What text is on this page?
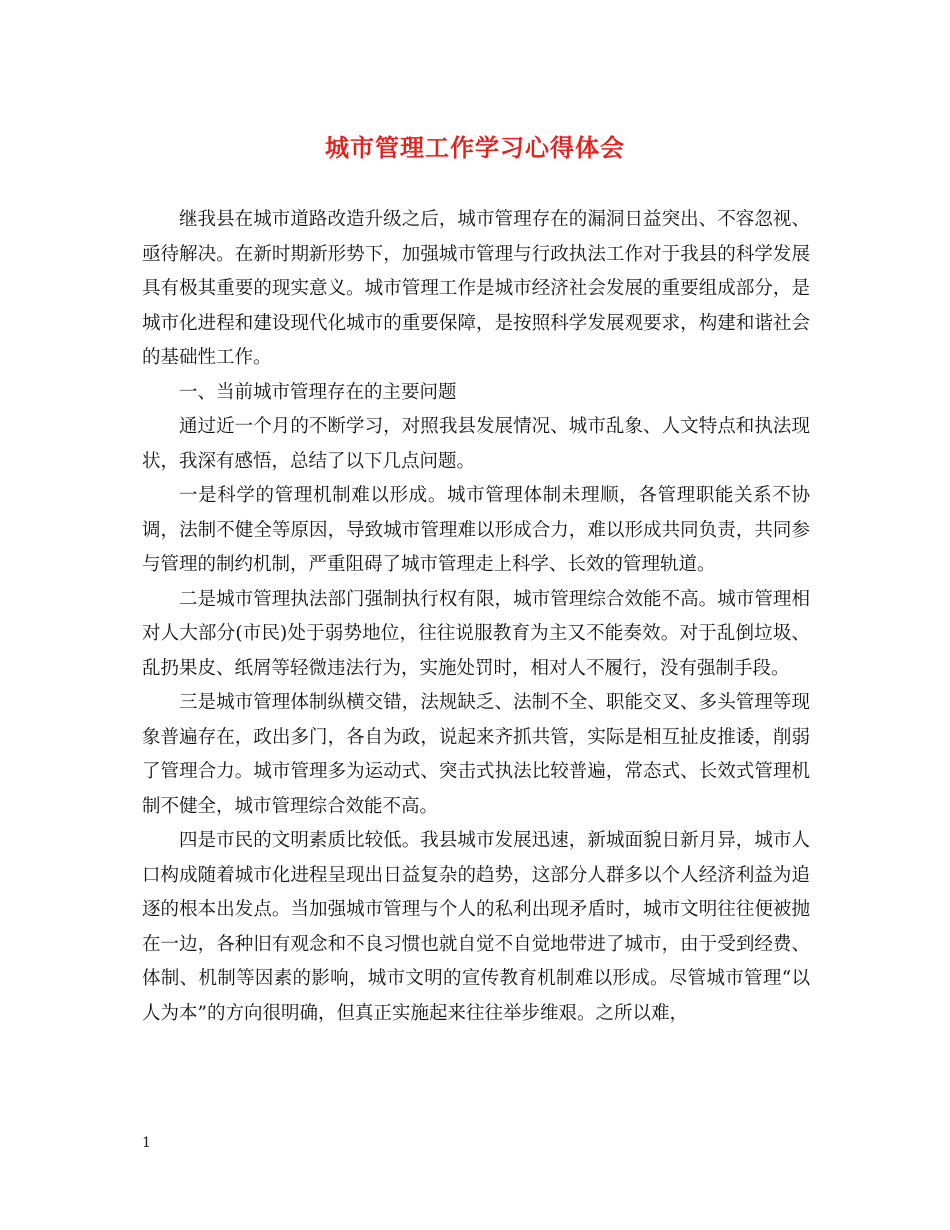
城市管理工作学习心得体会

继我县在城市道路改造升级之后，城市管理存在的漏洞日益突出、不容忽视、亟待解决。在新时期新形势下，加强城市管理与行政执法工作对于我县的科学发展具有极其重要的现实意义。城市管理工作是城市经济社会发展的重要组成部分，是城市化进程和建设现代化城市的重要保障，是按照科学发展观要求，构建和谐社会的基础性工作。

一、当前城市管理存在的主要问题

通过近一个月的不断学习，对照我县发展情况、城市乱象、人文特点和执法现状，我深有感悟，总结了以下几点问题。

一是科学的管理机制难以形成。城市管理体制未理顺，各管理职能关系不协调，法制不健全等原因，导致城市管理难以形成合力，难以形成共同负责，共同参与管理的制约机制，严重阻碍了城市管理走上科学、长效的管理轨道。

二是城市管理执法部门强制执行权有限，城市管理综合效能不高。城市管理相对人大部分(市民)处于弱势地位，往往说服教育为主又不能奏效。对于乱倒垃圾、乱扔果皮、纸屑等轻微违法行为，实施处罚时，相对人不履行，没有强制手段。

三是城市管理体制纵横交错，法规缺乏、法制不全、职能交叉、多头管理等现象普遍存在，政出多门，各自为政，说起来齐抓共管，实际是相互扯皮推诿，削弱了管理合力。城市管理多为运动式、突击式执法比较普遍，常态式、长效式管理机制不健全，城市管理综合效能不高。

四是市民的文明素质比较低。我县城市发展迅速，新城面貌日新月异，城市人口构成随着城市化进程呈现出日益复杂的趋势，这部分人群多以个人经济利益为追逐的根本出发点。当加强城市管理与个人的私利出现矛盾时，城市文明往往便被抛在一边，各种旧有观念和不良习惯也就自觉不自觉地带进了城市，由于受到经费、体制、机制等因素的影响，城市文明的宣传教育机制难以形成。尽管城市管理“以人为本”的方向很明确，但真正实施起来往往举步维艰。之所以难，

1
